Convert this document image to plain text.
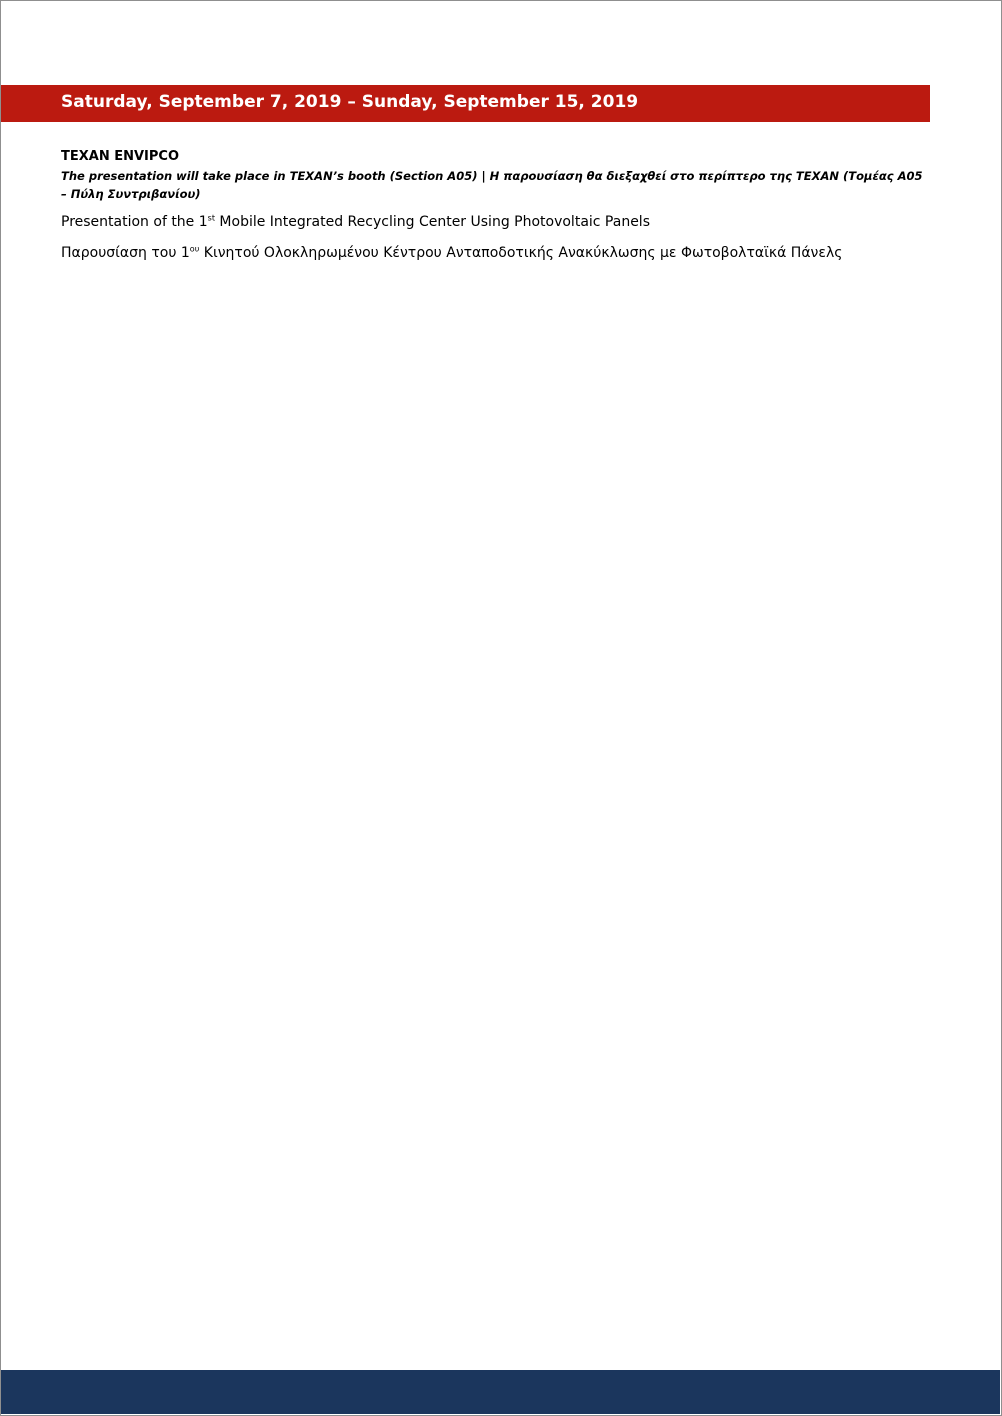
Saturday, September 7, 2019 – Sunday, September 15, 2019

TEXAN ENVIPCO

The presentation will take place in TEXAN’s booth (Section A05) | Η παρουσίαση θα διεξαχθεί στο περίπτερο της TEXAN (Τομέας A05 – Πύλη Συντριβανίου)

Presentation of the 1st Mobile Integrated Recycling Center Using Photovoltaic Panels

Παρουσίαση του $1^{o\upsilon}$ Κινητού Ολοκληρωμένου Κέντρου Ανταποδοτικής Ανακύκλωσης με Φωτοβολταϊκά Πάνελς
